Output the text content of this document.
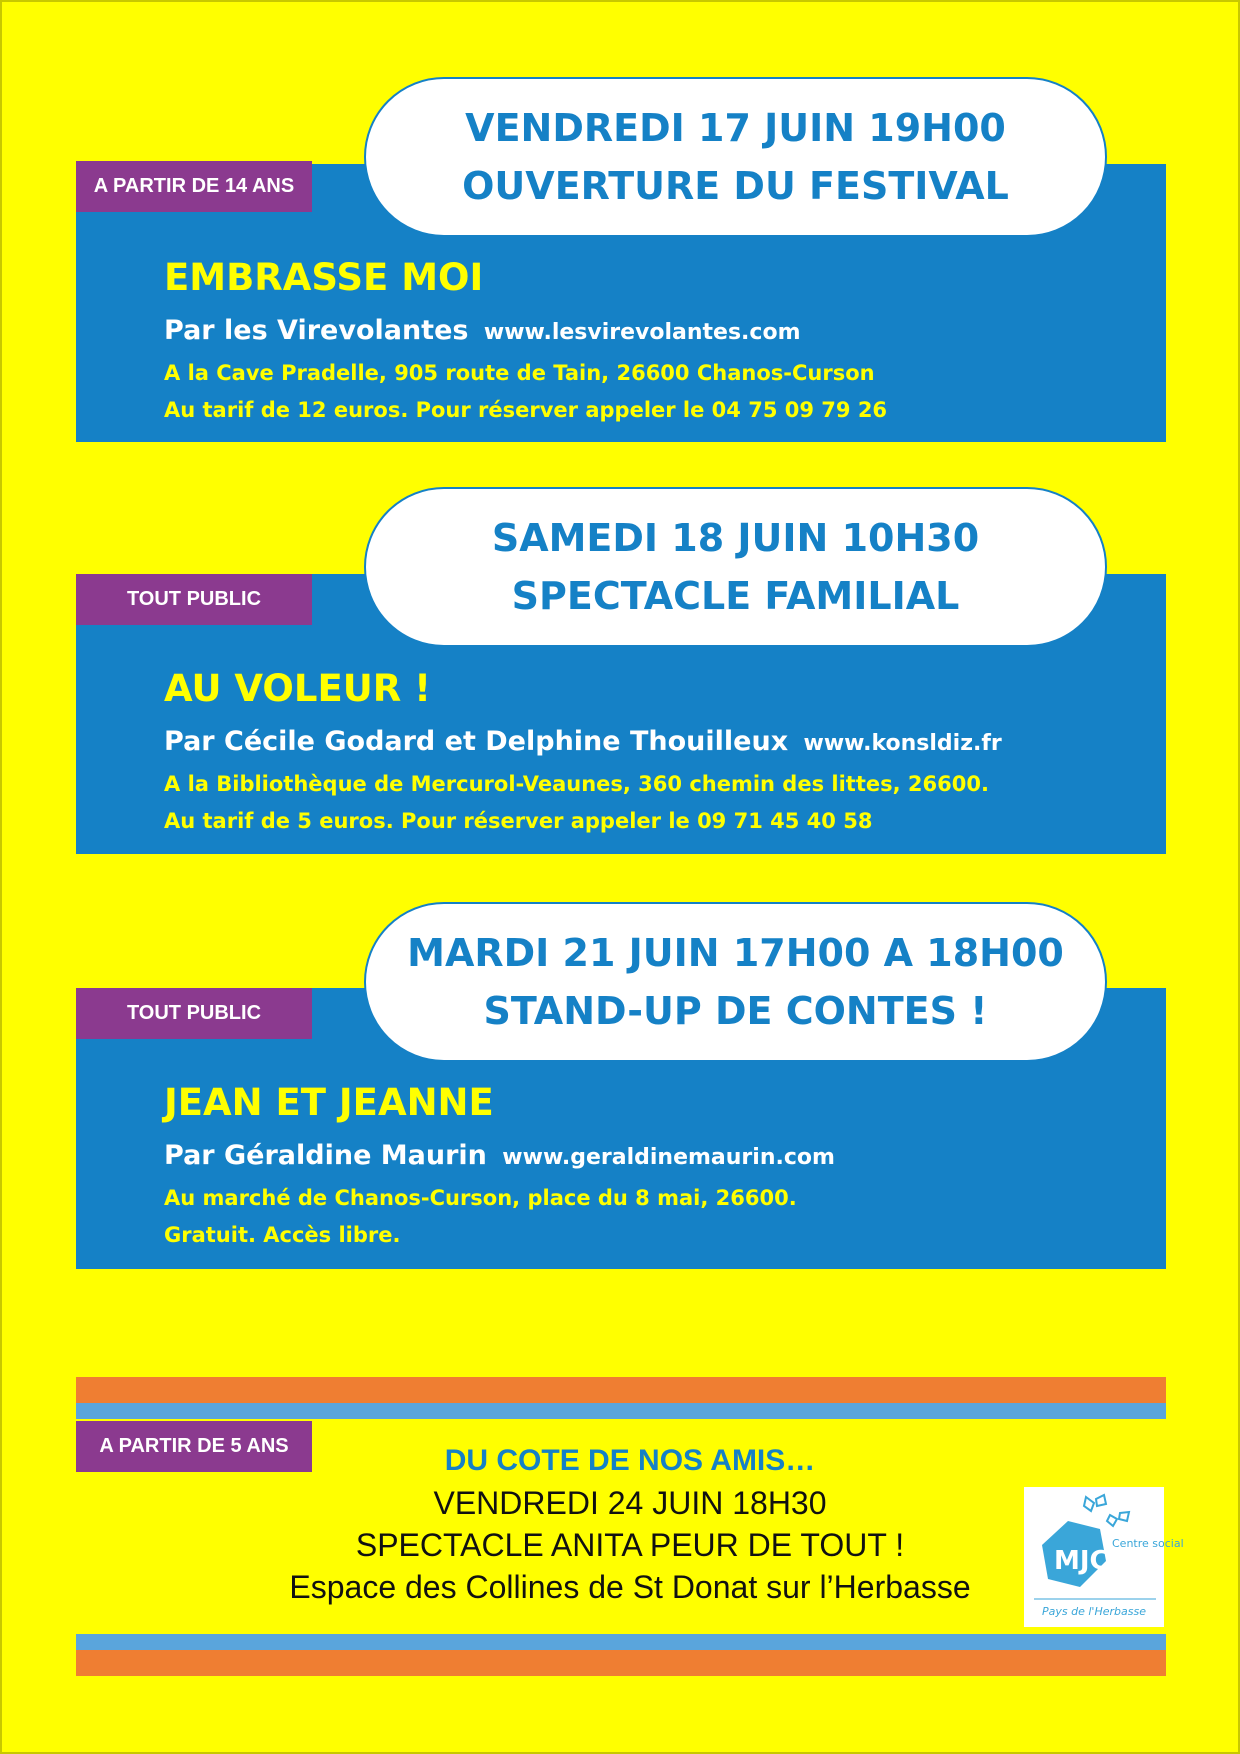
A PARTIR DE 14 ANS
VENDREDI 17 JUIN 19H00
OUVERTURE DU FESTIVAL
EMBRASSE MOI
Par les Virevolantes www.lesvirevolantes.com
A la Cave Pradelle, 905 route de Tain, 26600 Chanos-Curson
Au tarif de 12 euros. Pour réserver appeler le 04 75 09 79 26
TOUT PUBLIC
SAMEDI 18 JUIN 10H30
SPECTACLE FAMILIAL
AU VOLEUR !
Par Cécile Godard et Delphine Thouilleux www.konsldiz.fr
A la Bibliothèque de Mercurol-Veaunes, 360 chemin des littes, 26600.
Au tarif de 5 euros. Pour réserver appeler le 09 71 45 40 58
TOUT PUBLIC
MARDI 21 JUIN 17H00 A 18H00
STAND-UP DE CONTES !
JEAN ET JEANNE
Par Géraldine Maurin www.geraldinemaurin.com
Au marché de Chanos-Curson, place du 8 mai, 26600.
Gratuit. Accès libre.
A PARTIR DE 5 ANS	DU COTE DE NOS AMIS…
VENDREDI 24 JUIN 18H30
SPECTACLE ANITA PEUR DE TOUT !
Espace des Collines de St Donat sur l’Herbasse
MJC
Centre social
Pays de l'Herbasse
